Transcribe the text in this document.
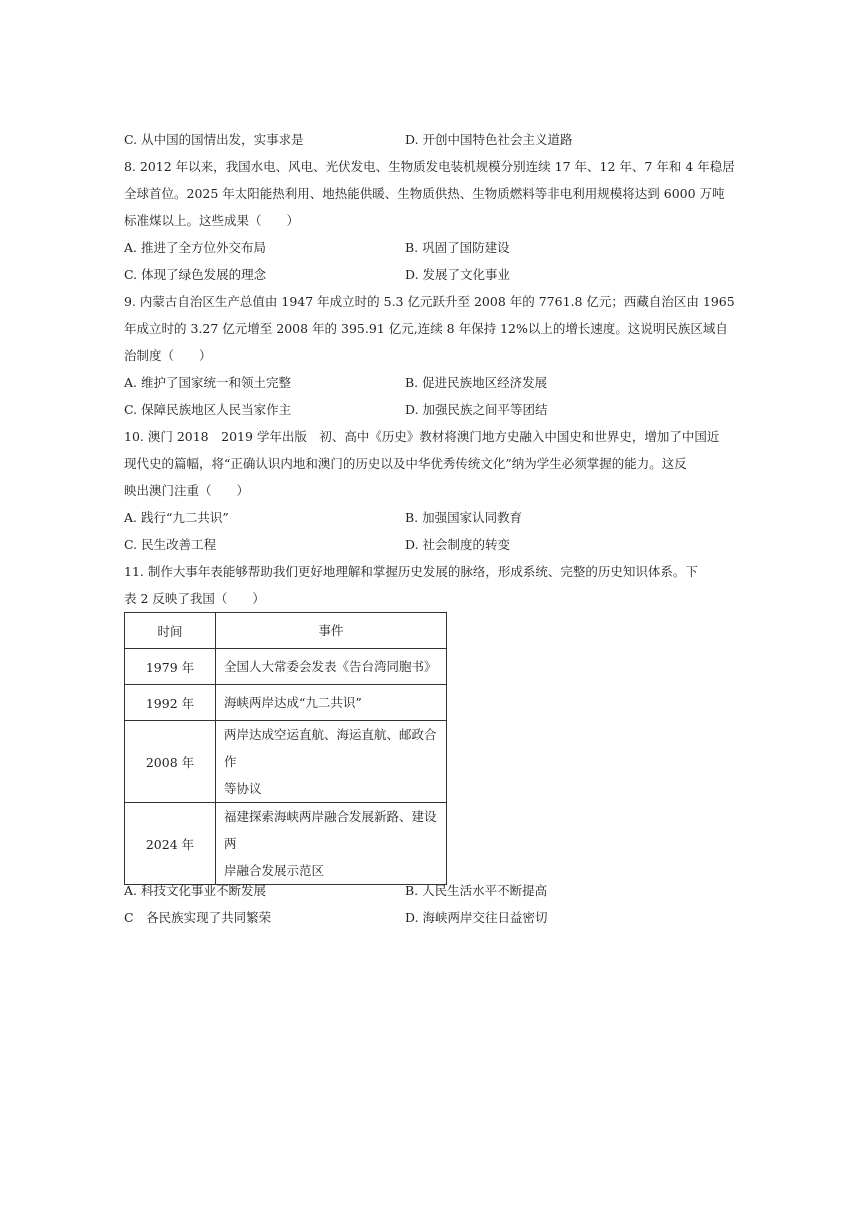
C. 从中国的国情出发，实事求是	D. 开创中国特色社会主义道路
8. 2012 年以来，我国水电、风电、光伏发电、生物质发电装机规模分别连续 17 年、12 年、7 年和 4 年稳居
全球首位。2025 年太阳能热利用、地热能供暖、生物质供热、生物质燃料等非电利用规模将达到 6000 万吨
标准煤以上。这些成果（　　）
A. 推进了全方位外交布局	B. 巩固了国防建设
C. 体现了绿色发展的理念	D. 发展了文化事业
9. 内蒙古自治区生产总值由 1947 年成立时的 5.3 亿元跃升至 2008 年的 7761.8 亿元；西藏自治区由 1965
年成立时的 3.27 亿元增至 2008 年的 395.91 亿元,连续 8 年保持 12%以上的增长速度。这说明民族区域自
治制度（　　）
A. 维护了国家统一和领土完整	B. 促进民族地区经济发展
C. 保障民族地区人民当家作主	D. 加强民族之间平等团结
10. 澳门 2018　2019 学年出版　初、高中《历史》教材将澳门地方史融入中国史和世界史，增加了中国近
现代史的篇幅，将“正确认识内地和澳门的历史以及中华优秀传统文化”纳为学生必须掌握的能力。这反
映出澳门注重（　　）
A. 践行“九二共识”	B. 加强国家认同教育
C. 民生改善工程	D. 社会制度的转变
11. 制作大事年表能够帮助我们更好地理解和掌握历史发展的脉络，形成系统、完整的历史知识体系。下
表 2 反映了我国（　　）
时间	事件
1979 年	全国人大常委会发表《告台湾同胞书》
1992 年	海峡两岸达成“九二共识”
2008 年	两岸达成空运直航、海运直航、邮政合作
等协议
2024 年	福建探索海峡两岸融合发展新路、建设两
岸融合发展示范区
A. 科技文化事业不断发展	B. 人民生活水平不断提高
C　各民族实现了共同繁荣	D. 海峡两岸交往日益密切
